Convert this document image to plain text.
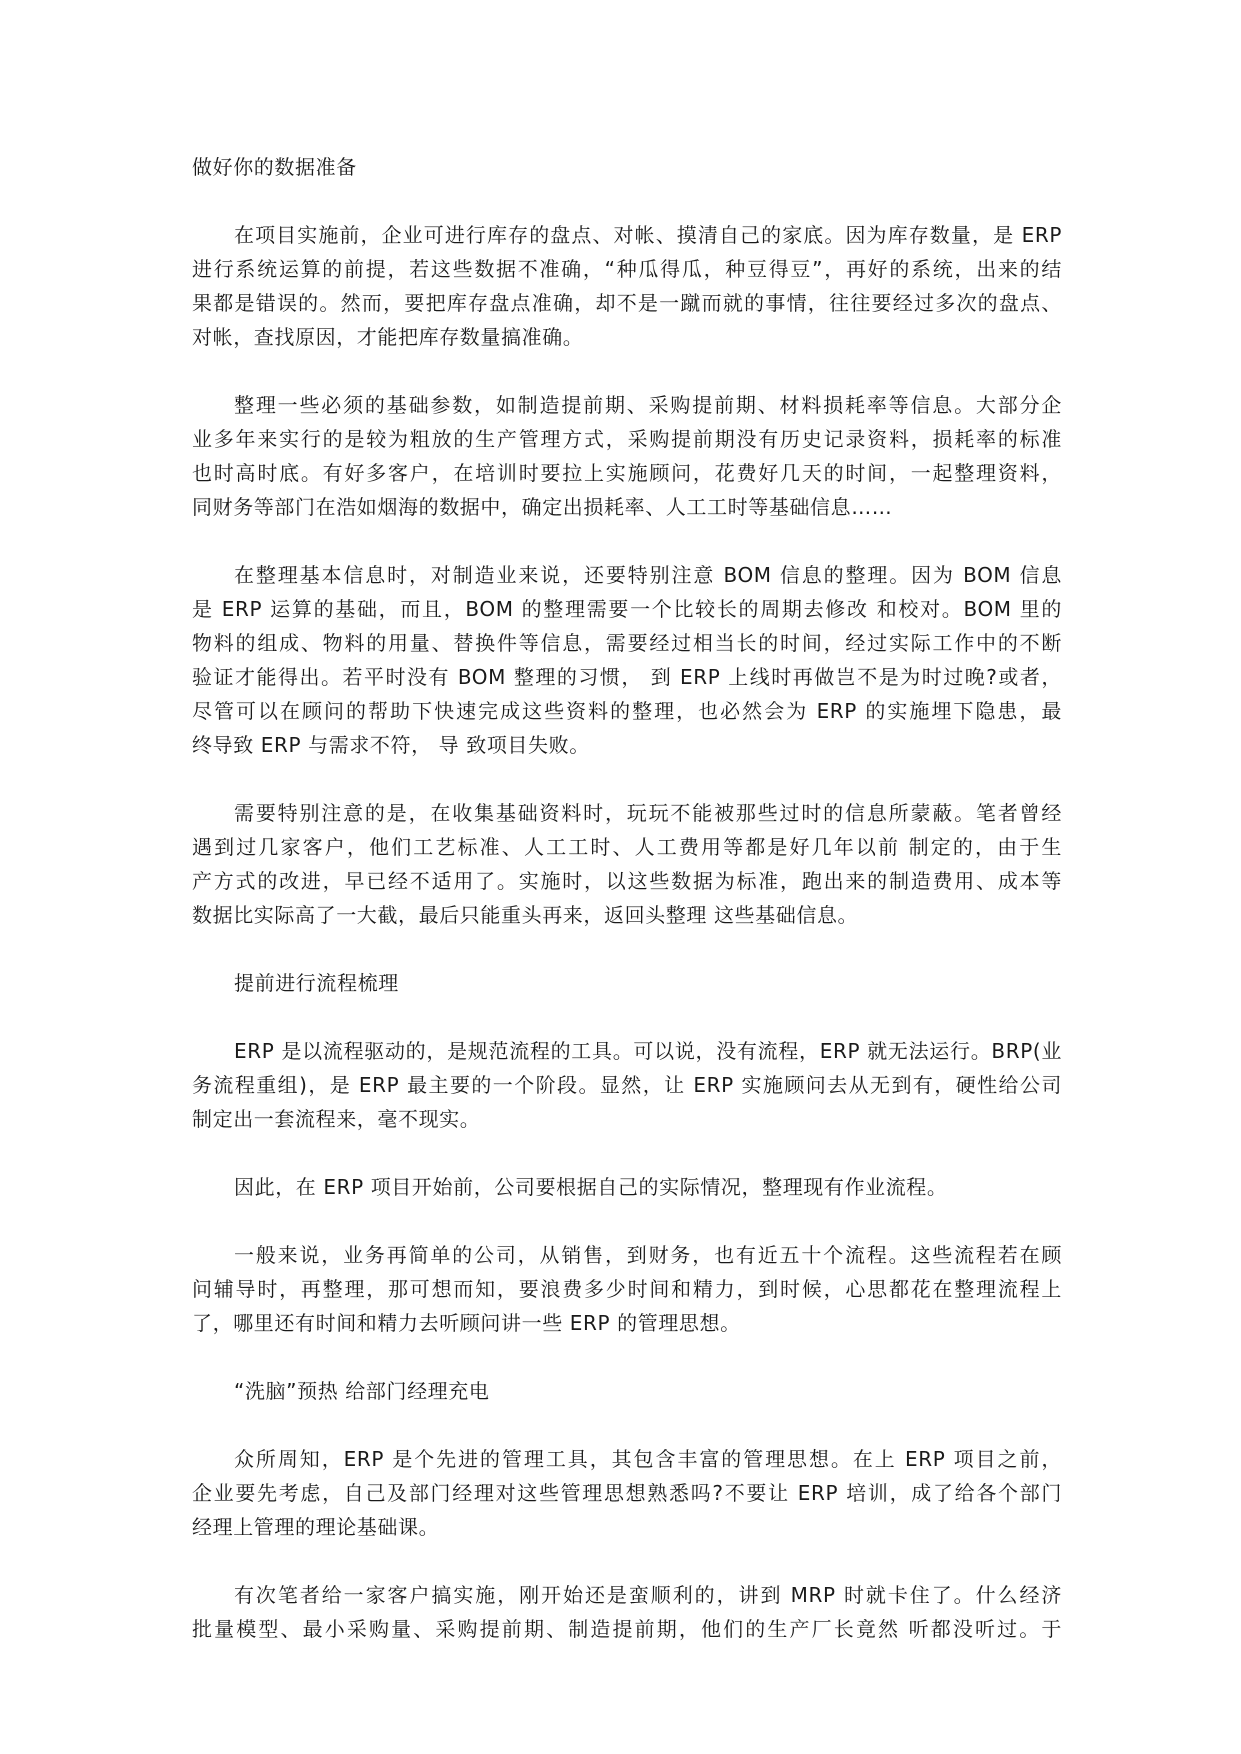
做好你的数据准备

在项目实施前，企业可进行库存的盘点、对帐、摸清自己的家底。因为库存数量，是 ERP

进行系统运算的前提，若这些数据不准确，“种瓜得瓜，种豆得豆”，再好的系统，出来的结

果都是错误的。然而，要把库存盘点准确，却不是一蹴而就的事情，往往要经过多次的盘点、

对帐，查找原因，才能把库存数量搞准确。

整理一些必须的基础参数，如制造提前期、采购提前期、材料损耗率等信息。大部分企

业多年来实行的是较为粗放的生产管理方式，采购提前期没有历史记录资料，损耗率的标准

也时高时底。有好多客户，在培训时要拉上实施顾问，花费好几天的时间，一起整理资料，

同财务等部门在浩如烟海的数据中，确定出损耗率、人工工时等基础信息……

在整理基本信息时，对制造业来说，还要特别注意 BOM 信息的整理。因为 BOM 信息

是 ERP 运算的基础，而且，BOM 的整理需要一个比较长的周期去修改 和校对。BOM 里的

物料的组成、物料的用量、替换件等信息，需要经过相当长的时间，经过实际工作中的不断

验证才能得出。若平时没有 BOM 整理的习惯， 到 ERP 上线时再做岂不是为时过晚?或者，

尽管可以在顾问的帮助下快速完成这些资料的整理，也必然会为 ERP 的实施埋下隐患，最

终导致 ERP 与需求不符， 导 致项目失败。

需要特别注意的是，在收集基础资料时，玩玩不能被那些过时的信息所蒙蔽。笔者曾经

遇到过几家客户，他们工艺标准、人工工时、人工费用等都是好几年以前 制定的，由于生

产方式的改进，早已经不适用了。实施时，以这些数据为标准，跑出来的制造费用、成本等

数据比实际高了一大截，最后只能重头再来，返回头整理 这些基础信息。

提前进行流程梳理

ERP 是以流程驱动的，是规范流程的工具。可以说，没有流程，ERP 就无法运行。BRP(业

务流程重组)，是 ERP 最主要的一个阶段。显然，让 ERP 实施顾问去从无到有，硬性给公司

制定出一套流程来，毫不现实。

因此，在 ERP 项目开始前，公司要根据自己的实际情况，整理现有作业流程。

一般来说，业务再简单的公司，从销售，到财务，也有近五十个流程。这些流程若在顾

问辅导时，再整理，那可想而知，要浪费多少时间和精力，到时候，心思都花在整理流程上

了，哪里还有时间和精力去听顾问讲一些 ERP 的管理思想。

“洗脑”预热 给部门经理充电

众所周知，ERP 是个先进的管理工具，其包含丰富的管理思想。在上 ERP 项目之前，

企业要先考虑，自己及部门经理对这些管理思想熟悉吗?不要让 ERP 培训，成了给各个部门

经理上管理的理论基础课。

有次笔者给一家客户搞实施，刚开始还是蛮顺利的，讲到 MRP 时就卡住了。什么经济

批量模型、最小采购量、采购提前期、制造提前期，他们的生产厂长竟然 听都没听过。于
